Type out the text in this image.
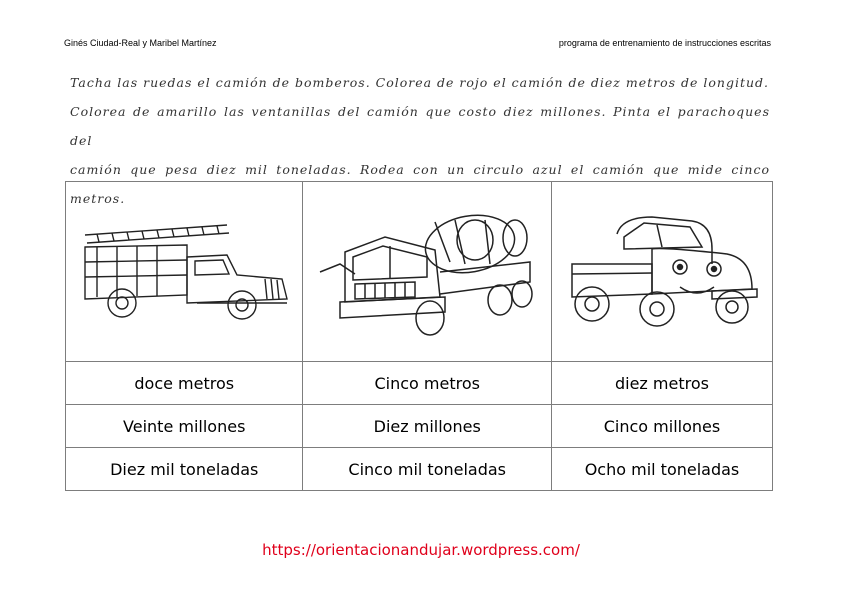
Ginés Ciudad-Real y Maribel Martínez	programa de entrenamiento de instrucciones escritas
Tacha las ruedas el camión de bomberos. Colorea de rojo el camión de diez metros de longitud.
Colorea de amarillo las ventanillas del camión que costo diez millones. Pinta el parachoques del
camión que pesa diez mil toneladas. Rodea con un circulo azul el camión que mide cinco metros.

doce metros	Cinco metros	diez metros
Veinte millones	Diez millones	Cinco millones
Diez mil toneladas	Cinco mil toneladas	Ocho mil toneladas
https://orientacionandujar.wordpress.com/
